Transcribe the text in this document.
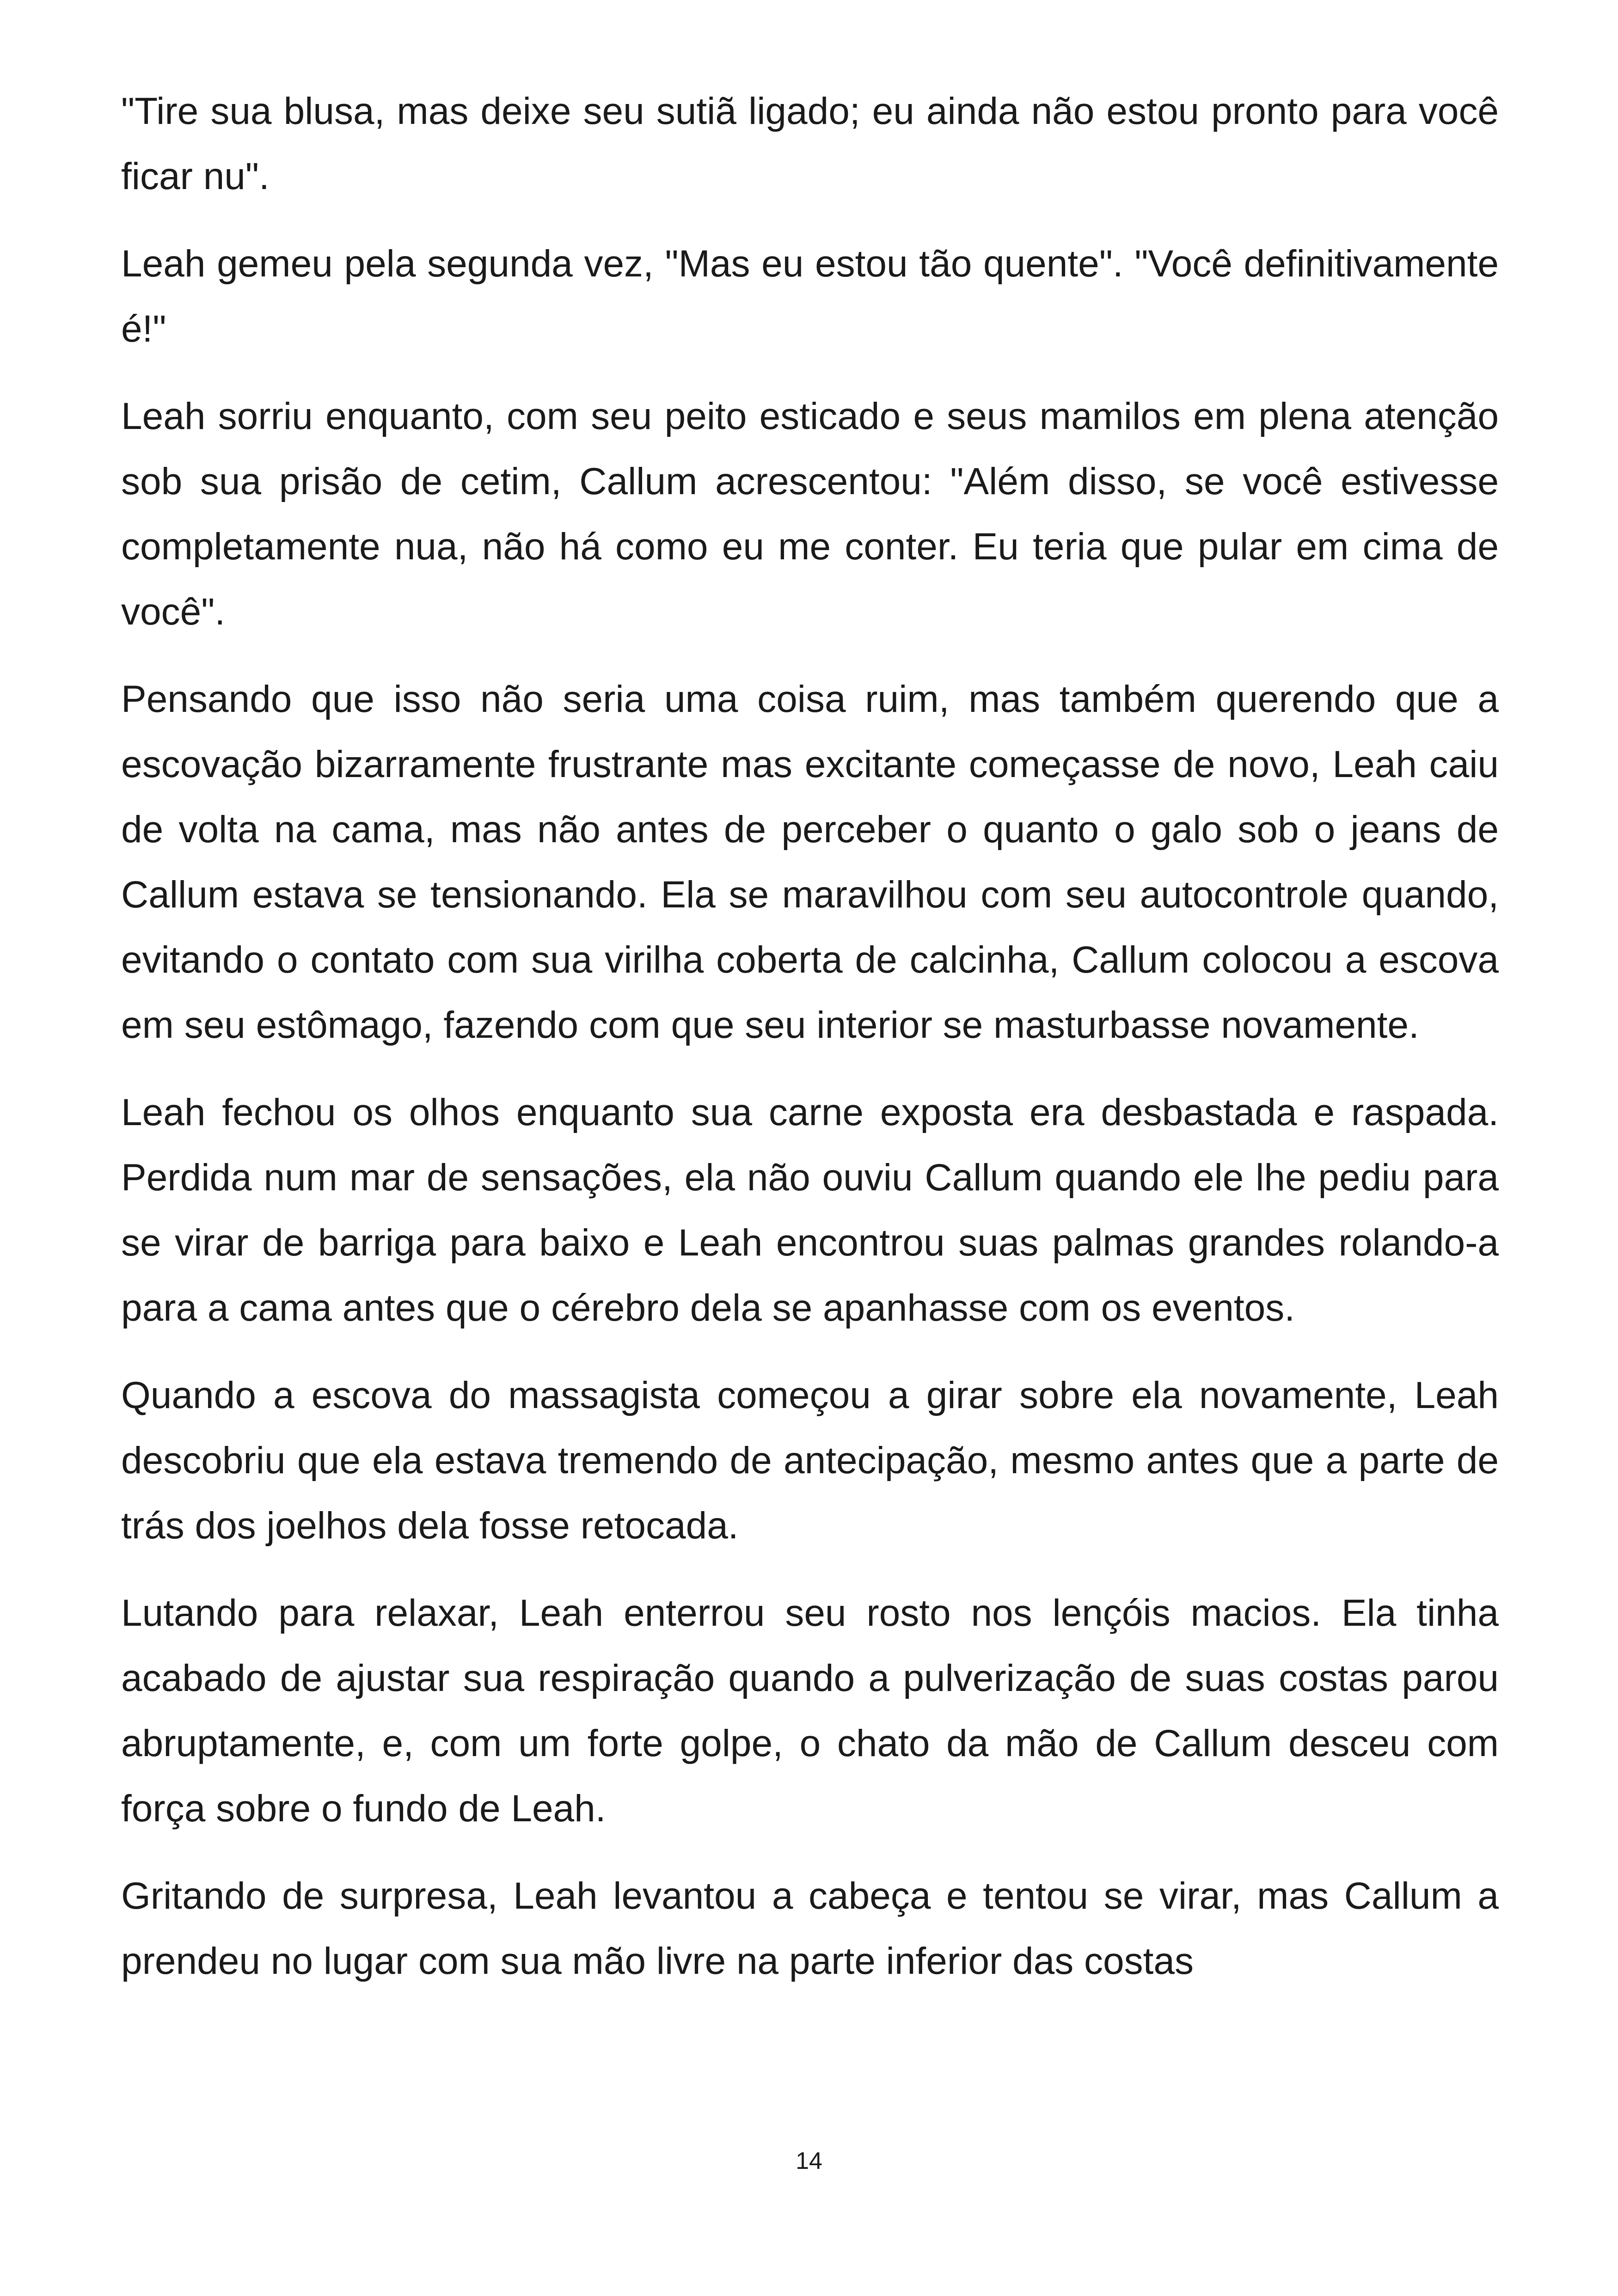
"Tire sua blusa, mas deixe seu sutiã ligado; eu ainda não estou pronto para você ficar nu".

Leah gemeu pela segunda vez, "Mas eu estou tão quente". "Você definitivamente é!"

Leah sorriu enquanto, com seu peito esticado e seus mamilos em plena atenção sob sua prisão de cetim, Callum acrescentou: "Além disso, se você estivesse completamente nua, não há como eu me conter. Eu teria que pular em cima de você".

Pensando que isso não seria uma coisa ruim, mas também querendo que a escovação bizarramente frustrante mas excitante começasse de novo, Leah caiu de volta na cama, mas não antes de perceber o quanto o galo sob o jeans de Callum estava se tensionando. Ela se maravilhou com seu autocontrole quando, evitando o contato com sua virilha coberta de calcinha, Callum colocou a escova em seu estômago, fazendo com que seu interior se masturbasse novamente.

Leah fechou os olhos enquanto sua carne exposta era desbastada e raspada. Perdida num mar de sensações, ela não ouviu Callum quando ele lhe pediu para se virar de barriga para baixo e Leah encontrou suas palmas grandes rolando-a para a cama antes que o cérebro dela se apanhasse com os eventos.

Quando a escova do massagista começou a girar sobre ela novamente, Leah descobriu que ela estava tremendo de antecipação, mesmo antes que a parte de trás dos joelhos dela fosse retocada.

Lutando para relaxar, Leah enterrou seu rosto nos lençóis macios. Ela tinha acabado de ajustar sua respiração quando a pulverização de suas costas parou abruptamente, e, com um forte golpe, o chato da mão de Callum desceu com força sobre o fundo de Leah.

Gritando de surpresa, Leah levantou a cabeça e tentou se virar, mas Callum a prendeu no lugar com sua mão livre na parte inferior das costas

14
